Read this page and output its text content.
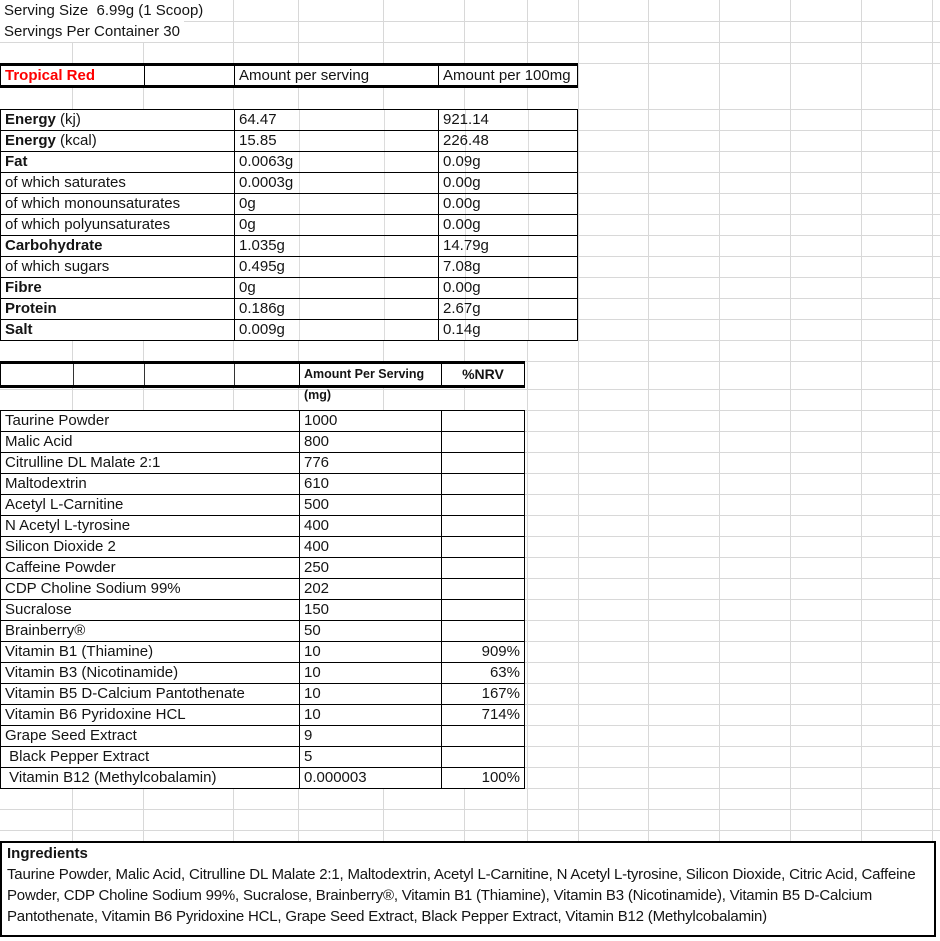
Serving Size  6.99g (1 Scoop)
Servings Per Container 30
Tropical Red	Amount per serving	Amount per 100mg
Energy (kj)	64.47	921.14
Energy (kcal)	15.85	226.48
Fat	0.0063g	0.09g
of which saturates	0.0003g	0.00g
of which monounsaturates	0g	0.00g
of which polyunsaturates	0g	0.00g
Carbohydrate	1.035g	14.79g
of which sugars	0.495g	7.08g
Fibre	0g	0.00g
Protein	0.186g	2.67g
Salt	0.009g	0.14g
Amount Per Serving (mg)
%NRV
Taurine Powder	1000
Malic Acid	800
Citrulline DL Malate 2:1	776
Maltodextrin	610
Acetyl L-Carnitine	500
N Acetyl L-tyrosine	400
Silicon Dioxide 2	400
Caffeine Powder	250
CDP Choline Sodium 99%	202
Sucralose	150
Brainberry®	50
Vitamin B1 (Thiamine)	10	909%
Vitamin B3 (Nicotinamide)	10	63%
Vitamin B5 D-Calcium Pantothenate	10	167%
Vitamin B6 Pyridoxine HCL	10	714%
Grape Seed Extract	9
Black Pepper Extract	5
Vitamin B12 (Methylcobalamin)	0.000003	100%
Ingredients

Taurine Powder, Malic Acid, Citrulline DL Malate 2:1, Maltodextrin, Acetyl L-Carnitine, N Acetyl L-tyrosine, Silicon Dioxide, Citric Acid, Caffeine Powder, CDP Choline Sodium 99%, Sucralose, Brainberry®, Vitamin B1 (Thiamine), Vitamin B3 (Nicotinamide), Vitamin B5 D-Calcium Pantothenate, Vitamin B6 Pyridoxine HCL, Grape Seed Extract, Black Pepper Extract, Vitamin B12 (Methylcobalamin)
